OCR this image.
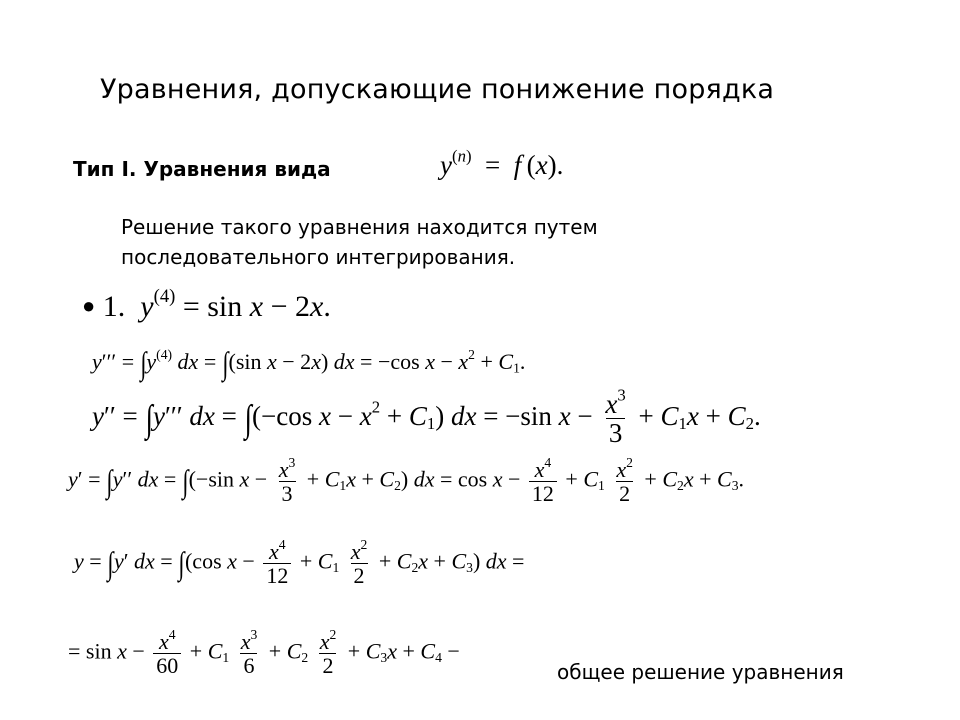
Уравнения, допускающие понижение порядка
Тип I. Уравнения вида	$y^{(n)} = f$ (x).
Решение такого уравнения находится путем
последовательного интегрирования.
● 1. $y^{(4)} = \sin x - 2x$.
$y''' = \int y^{(4)}$ dx = ∫(sin x − 2x) dx = −cos $x - x^2 + C_1$.
y′′ = ∫y′′′ dx = ∫(−cos $x - x^2 + C_1$) dx = −sin $x - \frac{x^3}{3} + C_1x + C_2$.
y′ = ∫y′′ dx = ∫(−sin $x - \frac{x^3}{3} + C_1x + C_2$) dx = $\cos x - \frac{x^4}{12} + C_1 \frac{x^2}{2} + C_2x + C_3$.
y = ∫y′ dx = ∫(cos $x - \frac{x^4}{12} + C_1 \frac{x^2}{2} + C_2x + C_3$) dx =
= $\sin x - \frac{x^4}{60} + C_1 \frac{x^3}{6} + C_2 \frac{x^2}{2} + C_3x + C_4$ −
общее решение уравнения
